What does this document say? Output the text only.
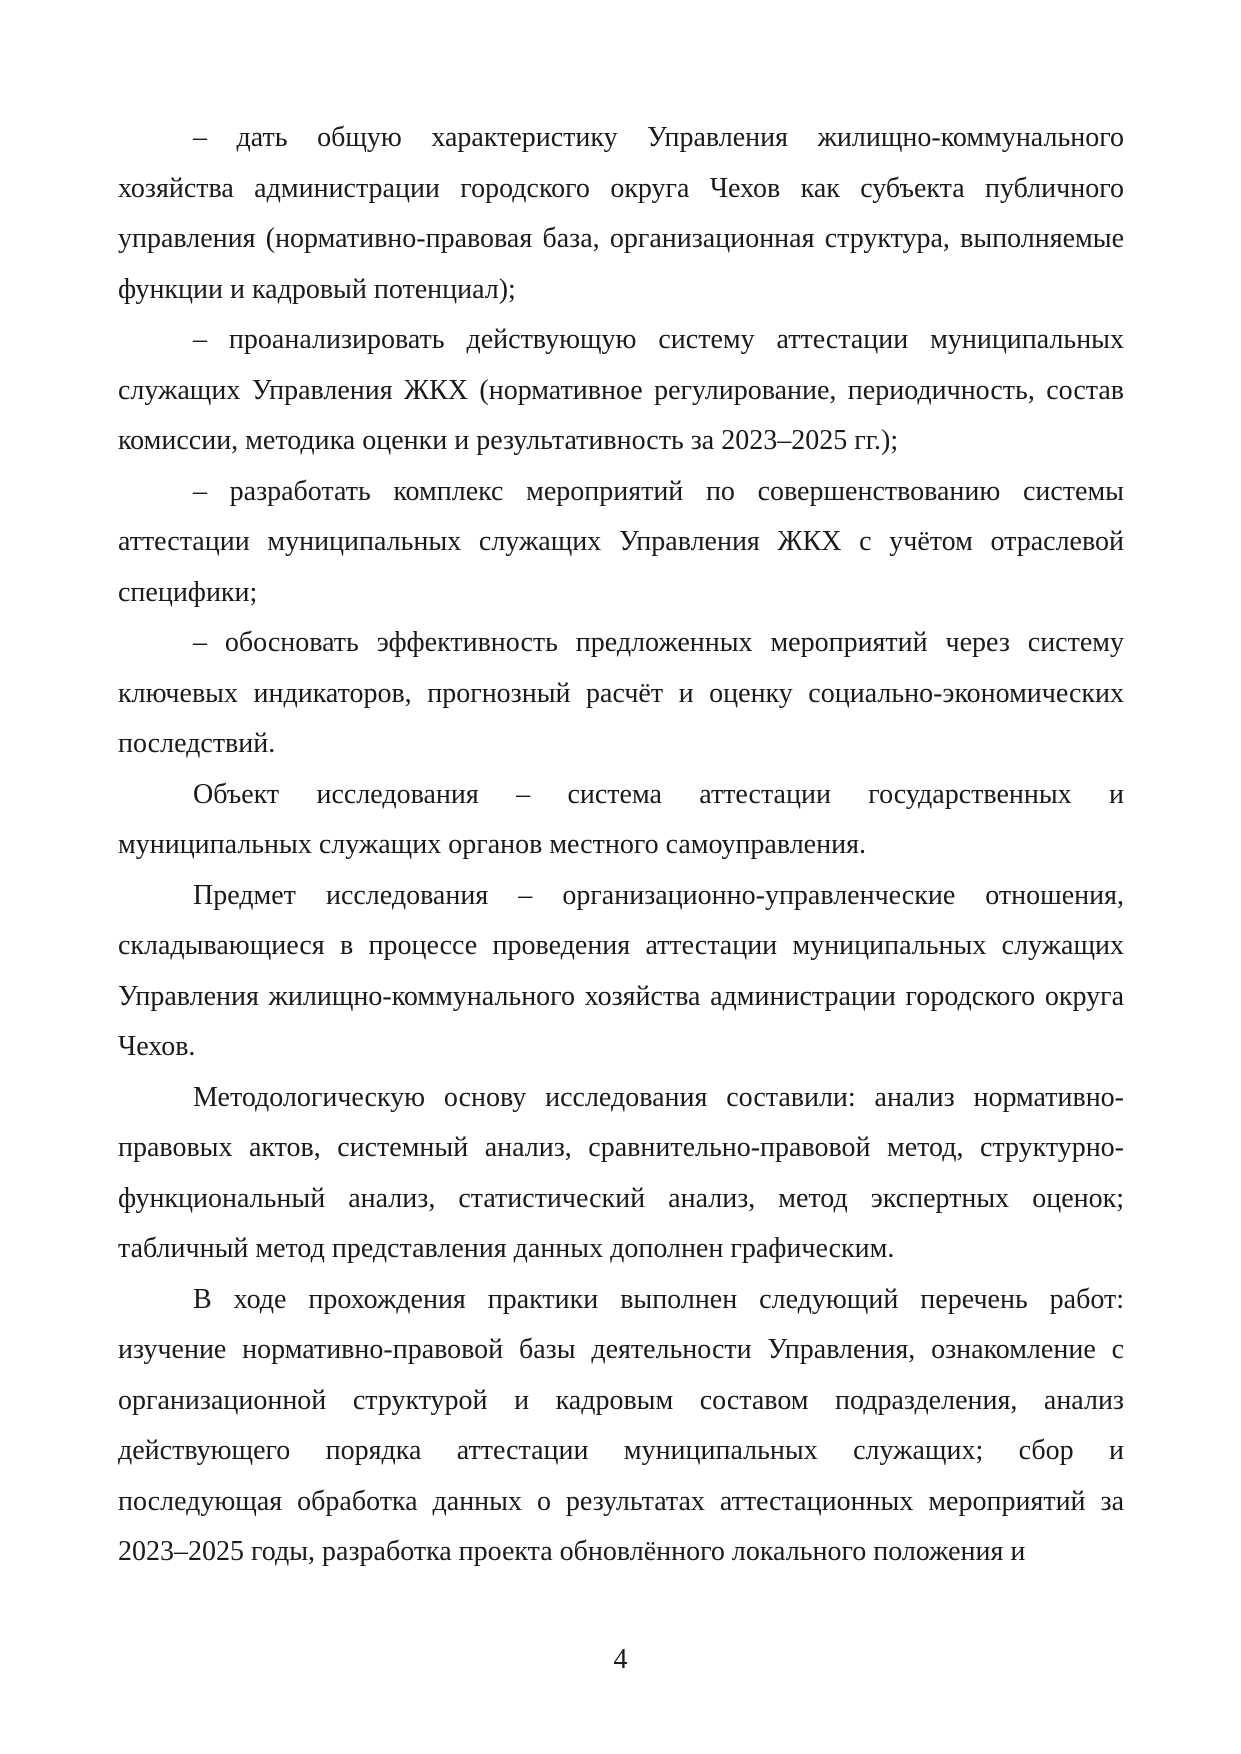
– дать общую характеристику Управления жилищно-коммунального хозяйства администрации городского округа Чехов как субъекта публичного управления (нормативно-правовая база, организационная структура, выполняемые функции и кадровый потенциал);

– проанализировать действующую систему аттестации муниципальных служащих Управления ЖКХ (нормативное регулирование, периодичность, состав комиссии, методика оценки и результативность за 2023–2025 гг.);

– разработать комплекс мероприятий по совершенствованию системы аттестации муниципальных служащих Управления ЖКХ с учётом отраслевой специфики;

– обосновать эффективность предложенных мероприятий через систему ключевых индикаторов, прогнозный расчёт и оценку социально-экономических последствий.

Объект исследования – система аттестации государственных и муниципальных служащих органов местного самоуправления.

Предмет исследования – организационно-управленческие отношения, складывающиеся в процессе проведения аттестации муниципальных служащих Управления жилищно-коммунального хозяйства администрации городского округа Чехов.

Методологическую основу исследования составили: анализ нормативно-правовых актов, системный анализ, сравнительно-правовой метод, структурно-функциональный анализ, статистический анализ, метод экспертных оценок; табличный метод представления данных дополнен графическим.

В ходе прохождения практики выполнен следующий перечень работ: изучение нормативно-правовой базы деятельности Управления, ознакомление с организационной структурой и кадровым составом подразделения, анализ действующего порядка аттестации муниципальных служащих; сбор и последующая обработка данных о результатах аттестационных мероприятий за 2023–2025 годы, разработка проекта обновлённого локального положения и

4
